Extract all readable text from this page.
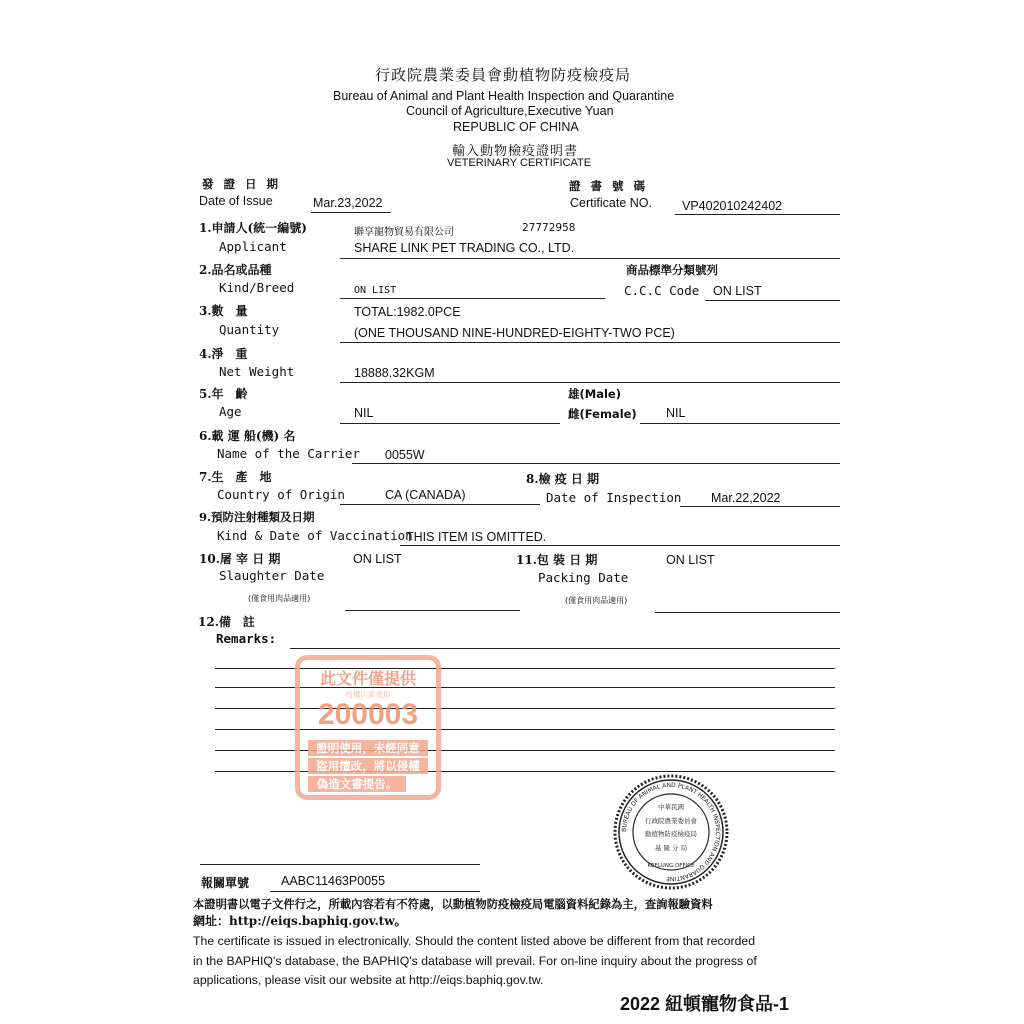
行政院農業委員會動植物防疫檢疫局
Bureau of Animal and Plant Health Inspection and Quarantine
Council of Agriculture,Executive Yuan
REPUBLIC OF CHINA
輸入動物檢疫證明書
VETERINARY CERTIFICATE
發 證 日 期
Date of Issue	Mar.23,2022
證 書 號 碼
Certificate NO. VP402010242402
1.申請人(統一編號)	聯享寵物貿易有限公司	27772958
Applicant	SHARE LINK PET TRADING CO., LTD.
2.品名或品種
Kind/Breed	ON LIST
商品標準分類號列
C.C.C Code ON LIST
3.數　量	TOTAL:1982.0PCE
Quantity	(ONE THOUSAND NINE-HUNDRED-EIGHTY-TWO PCE)
4.淨　重
Net Weight	18888.32KGM
5.年　齡
Age	NIL
雄(Male)
雌(Female) NIL
6.載 運 船(機) 名
Name of the Carrier 0055W
7.生　產　地
Country of Origin	CA (CANADA)
8.檢 疫 日 期
Date of Inspection Mar.22,2022
9.預防注射種類及日期
Kind & Date of Vaccination
THIS ITEM IS OMITTED.
10.屠 宰 日 期	ON LIST
Slaughter Date
(僅食用肉品適用)
11.包 裝 日 期	ON LIST
Packing Date
(僅食用肉品適用)
12.備　註
Remarks:
此文件僅提供
授權店家使用
200003
證明使用，未經同意
盜用擅改，將以侵權
偽造文書提告。
BUREAU OF ANIMAL AND PLANT HEALTH INSPECTION AND QUARANTINE
中華民國
行政院農業委員會
動植物防疫檢疫局
基 隆 分 局
KEELUNG OFFICE
報關單號	AABC11463P0055
本證明書以電子文件行之，所載內容若有不符處，以動植物防疫檢疫局電腦資料紀錄為主，查詢報驗資料
網址：http://eiqs.baphiq.gov.tw。
The certificate is issued in electronically. Should the content listed above be different from that recorded
in the BAPHIQ's database, the BAPHIQ's database will prevail. For on-line inquiry about the progress of
applications, please visit our website at http://eiqs.baphiq.gov.tw.
2022 紐頓寵物食品-1
